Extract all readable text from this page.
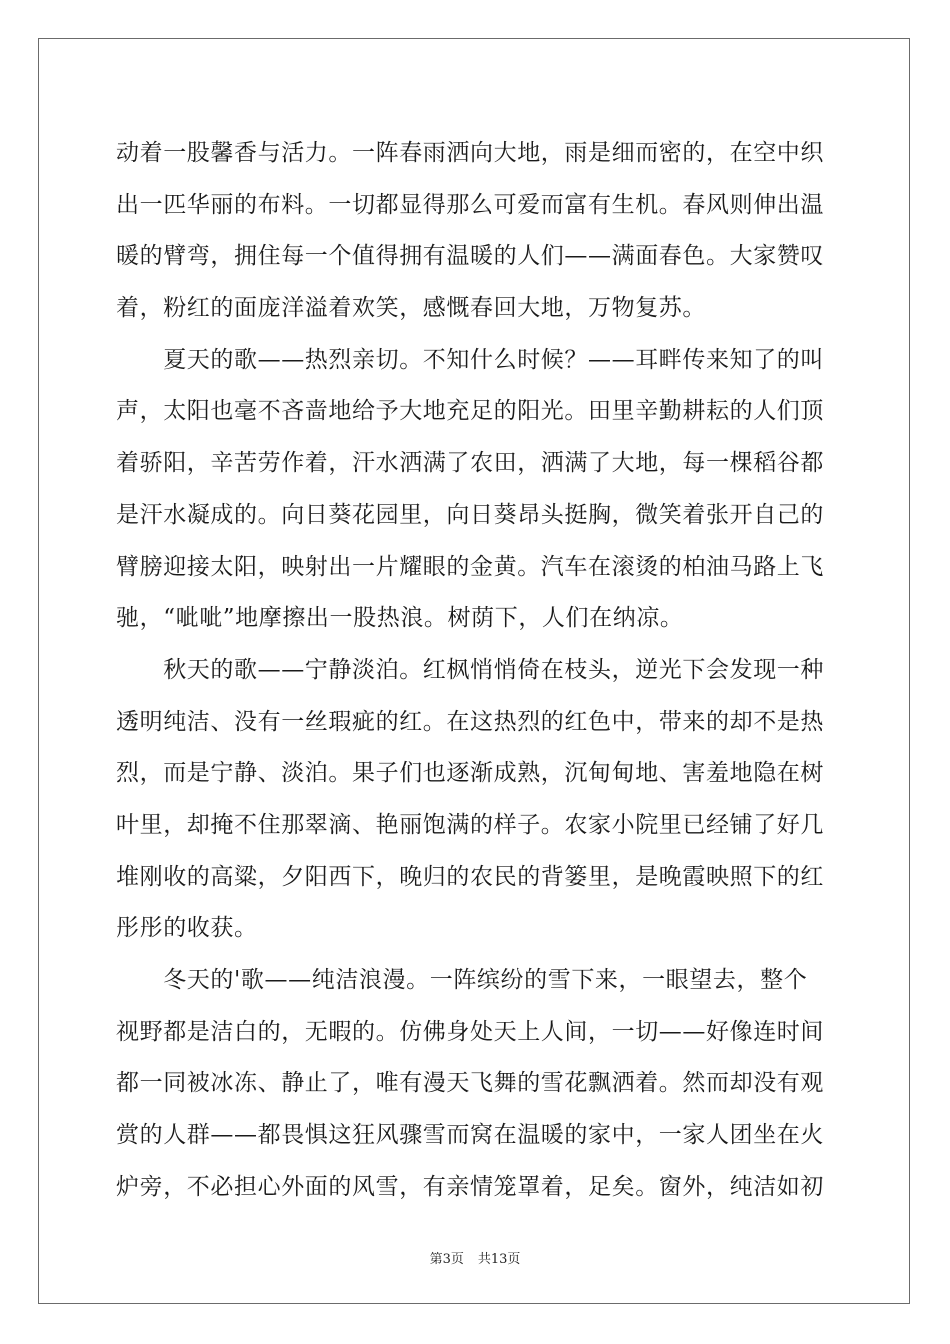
动着一股馨香与活力。一阵春雨洒向大地，雨是细而密的，在空中织
出一匹华丽的布料。一切都显得那么可爱而富有生机。春风则伸出温
暖的臂弯，拥住每一个值得拥有温暖的人们——满面春色。大家赞叹
着，粉红的面庞洋溢着欢笑，感慨春回大地，万物复苏。
　　夏天的歌——热烈亲切。不知什么时候？——耳畔传来知了的叫
声，太阳也毫不吝啬地给予大地充足的阳光。田里辛勤耕耘的人们顶
着骄阳，辛苦劳作着，汗水洒满了农田，洒满了大地，每一棵稻谷都
是汗水凝成的。向日葵花园里，向日葵昂头挺胸，微笑着张开自己的
臂膀迎接太阳，映射出一片耀眼的金黄。汽车在滚烫的柏油马路上飞
驰，“呲呲”地摩擦出一股热浪。树荫下，人们在纳凉。
　　秋天的歌——宁静淡泊。红枫悄悄倚在枝头，逆光下会发现一种
透明纯洁、没有一丝瑕疵的红。在这热烈的红色中，带来的却不是热
烈，而是宁静、淡泊。果子们也逐渐成熟，沉甸甸地、害羞地隐在树
叶里，却掩不住那翠滴、艳丽饱满的样子。农家小院里已经铺了好几
堆刚收的高粱，夕阳西下，晚归的农民的背篓里，是晚霞映照下的红
彤彤的收获。
　　冬天的'歌——纯洁浪漫。一阵缤纷的雪下来，一眼望去，整个
视野都是洁白的，无暇的。仿佛身处天上人间，一切——好像连时间
都一同被冰冻、静止了，唯有漫天飞舞的雪花飘洒着。然而却没有观
赏的人群——都畏惧这狂风骤雪而窝在温暖的家中，一家人团坐在火
炉旁，不必担心外面的风雪，有亲情笼罩着，足矣。窗外，纯洁如初
第3页 共13页
